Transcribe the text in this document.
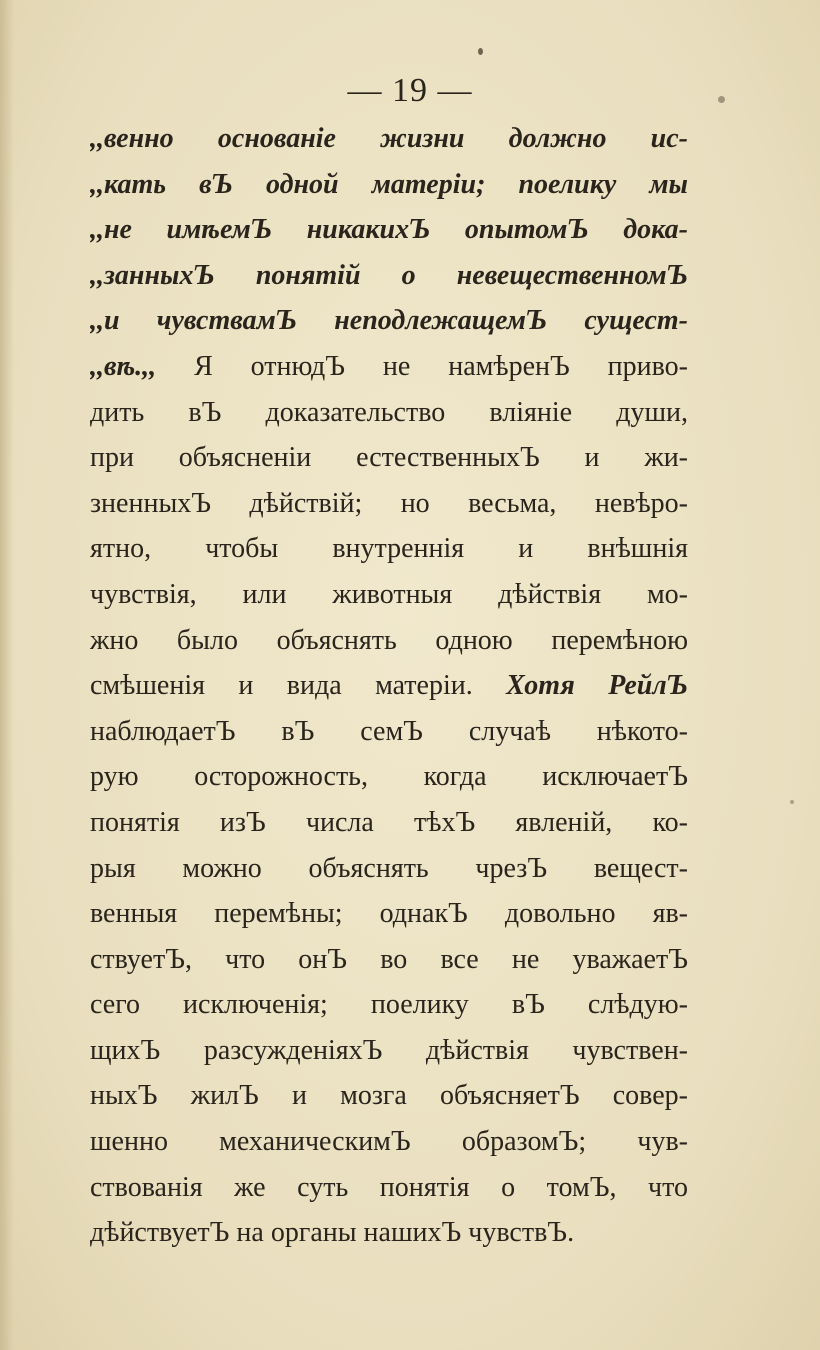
— 19 —
,,венно основаніе жизни должно ис-
,,кать вЪ одной матеріи; поелику мы
,,не имѣемЪ никакихЪ опытомЪ дока-
,,занныхЪ понятій о невещественномЪ
,,и чувствамЪ неподлежащемЪ сущест-
,,вѣ.,, Я отнюдЪ не намѣренЪ приво-
дить вЪ доказательство вліяніе души,
при объясненіи естественныхЪ и жи-
зненныхЪ дѣйствій; но весьма, невѣро-
ятно, чтобы внутреннія и внѣшнія
чувствія, или животныя дѣйствія мо-
жно было объяснять одною перемѣною
смѣшенія и вида матеріи. Хотя РейлЪ
наблюдаетЪ вЪ семЪ случаѣ нѣкото-
рую осторожность, когда исключаетЪ
понятія изЪ числа тѣхЪ явленій, ко-
рыя можно объяснять чрезЪ вещест-
венныя перемѣны; однакЪ довольно яв-
ствуетЪ, что онЪ во все не уважаетЪ
сего исключенія; поелику вЪ слѣдую-
щихЪ разсужденіяхЪ дѣйствія чувствен-
ныхЪ жилЪ и мозга объясняетЪ совер-
шенно механическимЪ образомЪ; чув-
ствованія же суть понятія о томЪ, что
дѣйствуетЪ на органы нашихЪ чувствЪ.
